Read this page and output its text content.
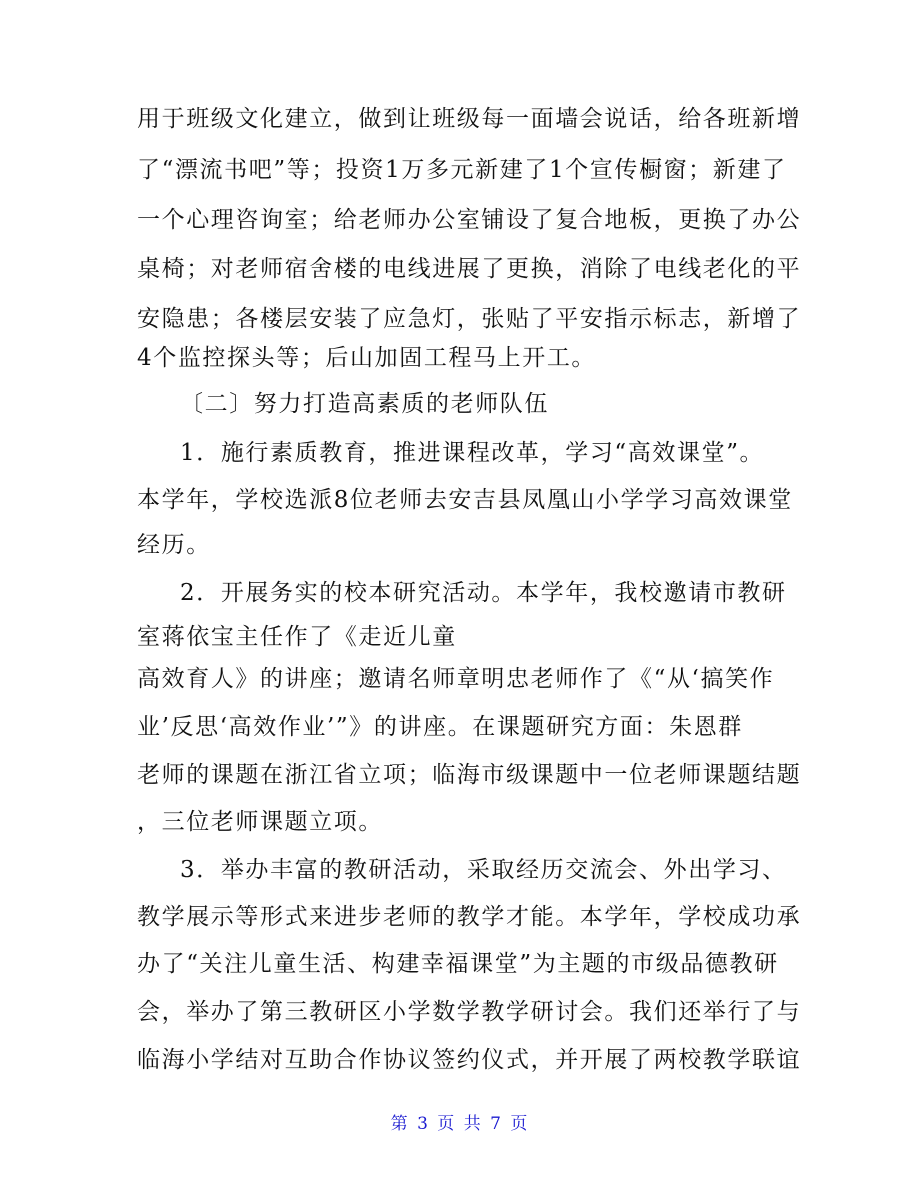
用于班级文化建立，做到让班级每一面墙会说话，给各班新增
了“漂流书吧”等；投资1万多元新建了1个宣传橱窗；新建了
一个心理咨询室；给老师办公室铺设了复合地板，更换了办公
桌椅；对老师宿舍楼的电线进展了更换，消除了电线老化的平
安隐患；各楼层安装了应急灯，张贴了平安指示标志，新增了
4个监控探头等；后山加固工程马上开工。
〔二〕努力打造高素质的老师队伍
1．施行素质教育，推进课程改革，学习“高效课堂”。
本学年，学校选派8位老师去安吉县凤凰山小学学习高效课堂
经历。
2．开展务实的校本研究活动。本学年，我校邀请市教研
室蒋依宝主任作了《走近儿童
高效育人》的讲座；邀请名师章明忠老师作了《“从‘搞笑作
业’反思‘高效作业’”》的讲座。在课题研究方面：朱恩群
老师的课题在浙江省立项；临海市级课题中一位老师课题结题
，三位老师课题立项。
3．举办丰富的教研活动，采取经历交流会、外出学习、
教学展示等形式来进步老师的教学才能。本学年，学校成功承
办了“关注儿童生活、构建幸福课堂”为主题的市级品德教研
会，举办了第三教研区小学数学教学研讨会。我们还举行了与
临海小学结对互助合作协议签约仪式，并开展了两校教学联谊
第 3 页 共 7 页
